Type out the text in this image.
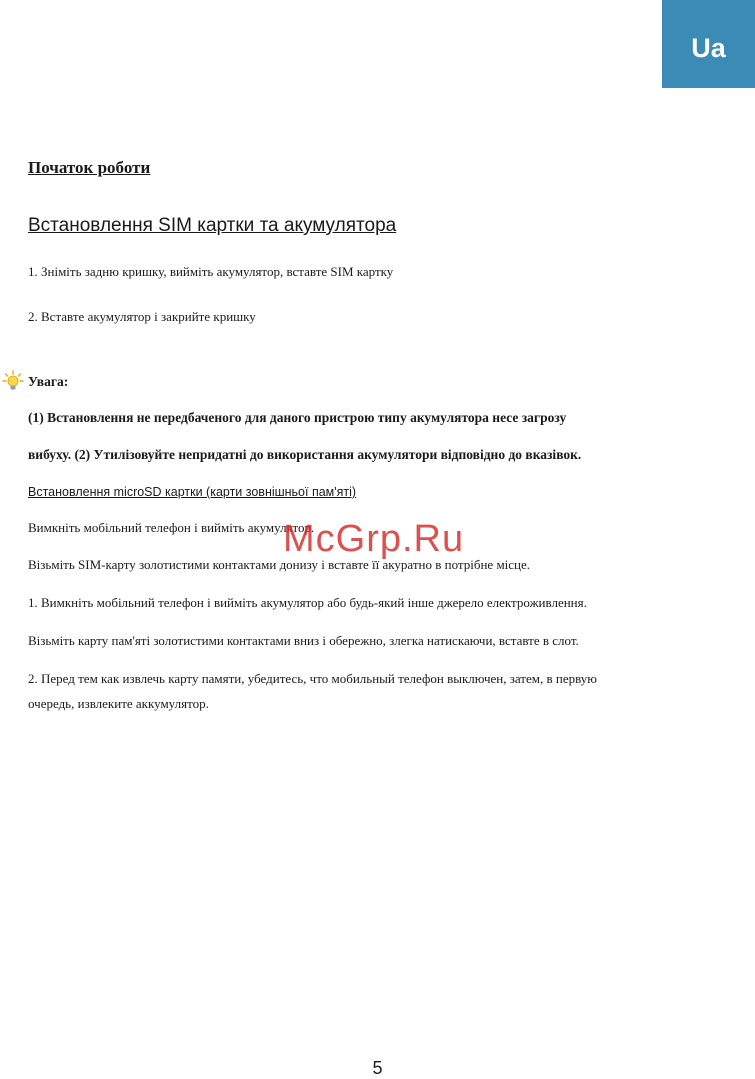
Ua
Початок роботи
Встановлення SIM картки та акумулятора
1. Зніміть задню кришку, вийміть акумулятор, вставте SIM картку
2. Вставте акумулятор і закрийте кришку
Увага:
(1) Встановлення не передбаченого для даного пристрою типу акумулятора несе загрозу
вибуху. (2) Утилізовуйте непридатні до використання акумулятори відповідно до вказівок.
Встановлення microSD картки (карти зовнішньої пам'яті)
Вимкніть мобільний телефон і вийміть акумулятор.
Візьміть SIM-карту золотистими контактами донизу і вставте її акуратно в потрібне місце.
1. Вимкніть мобільний телефон і вийміть акумулятор або будь-який інше джерело електроживлення.
Візьміть карту пам'яті золотистими контактами вниз і обережно, злегка натискаючи, вставте в слот.
2. Перед тем как извлечь карту памяти, убедитесь, что мобильный телефон выключен, затем, в первую
очередь, извлеките аккумулятор.
McGrp.Ru
5
